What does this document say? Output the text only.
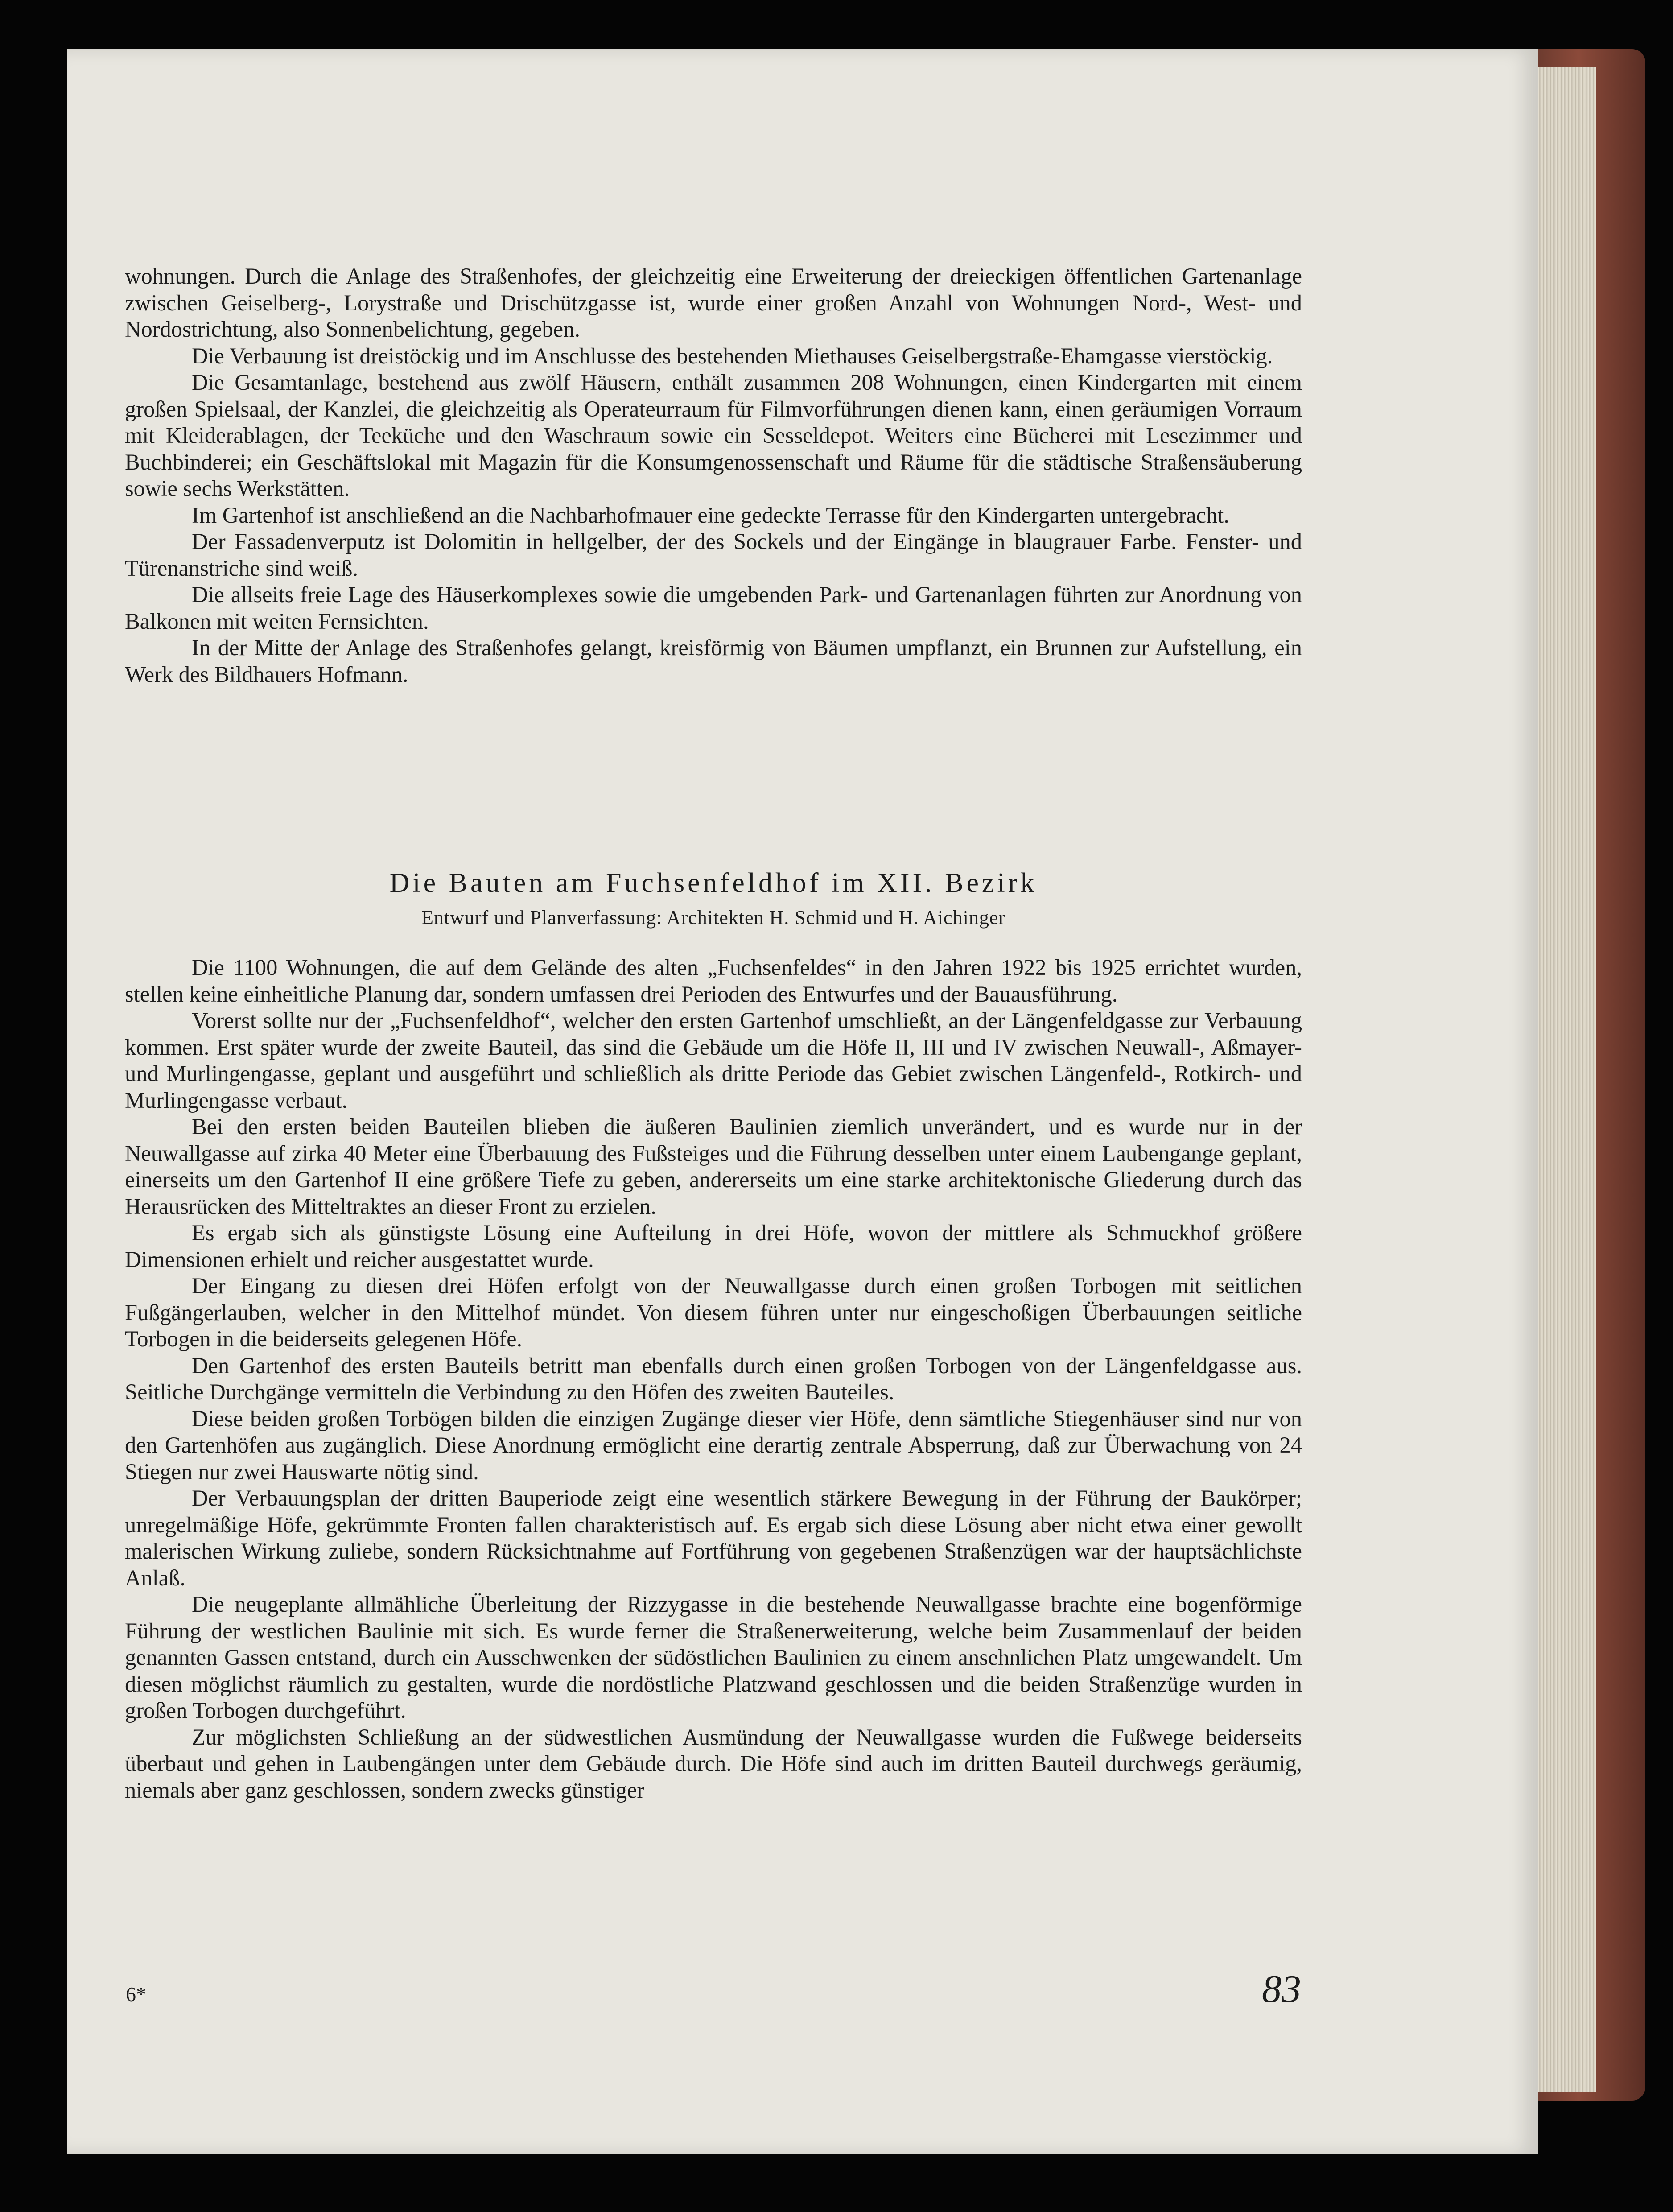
wohnungen. Durch die Anlage des Straßenhofes, der gleichzeitig eine Erweiterung der dreieckigen öffentlichen Gartenanlage zwischen Geiselberg-, Lorystraße und Drischützgasse ist, wurde einer großen Anzahl von Wohnungen Nord-, West- und Nordostrichtung, also Sonnenbelichtung, gegeben.

Die Verbauung ist dreistöckig und im Anschlusse des bestehenden Miethauses Geiselbergstraße-Ehamgasse vierstöckig.

Die Gesamtanlage, bestehend aus zwölf Häusern, enthält zusammen 208 Wohnungen, einen Kindergarten mit einem großen Spielsaal, der Kanzlei, die gleichzeitig als Operateurraum für Filmvorführungen dienen kann, einen geräumigen Vorraum mit Kleiderablagen, der Teeküche und den Waschraum sowie ein Sesseldepot. Weiters eine Bücherei mit Lesezimmer und Buchbinderei; ein Geschäftslokal mit Magazin für die Konsumgenossenschaft und Räume für die städtische Straßensäuberung sowie sechs Werkstätten.

Im Gartenhof ist anschließend an die Nachbarhofmauer eine gedeckte Terrasse für den Kindergarten untergebracht.

Der Fassadenverputz ist Dolomitin in hellgelber, der des Sockels und der Eingänge in blaugrauer Farbe. Fenster- und Türenanstriche sind weiß.

Die allseits freie Lage des Häuserkomplexes sowie die umgebenden Park- und Gartenanlagen führten zur Anordnung von Balkonen mit weiten Fernsichten.

In der Mitte der Anlage des Straßenhofes gelangt, kreisförmig von Bäumen umpflanzt, ein Brunnen zur Aufstellung, ein Werk des Bildhauers Hofmann.

Die Bauten am Fuchsenfeldhof im XII. Bezirk
Entwurf und Planverfassung: Architekten H. Schmid und H. Aichinger

Die 1100 Wohnungen, die auf dem Gelände des alten „Fuchsenfeldes“ in den Jahren 1922 bis 1925 errichtet wurden, stellen keine einheitliche Planung dar, sondern umfassen drei Perioden des Entwurfes und der Bauausführung.

Vorerst sollte nur der „Fuchsenfeldhof“, welcher den ersten Gartenhof umschließt, an der Längenfeldgasse zur Verbauung kommen. Erst später wurde der zweite Bauteil, das sind die Gebäude um die Höfe II, III und IV zwischen Neuwall-, Aßmayer- und Murlingengasse, geplant und ausgeführt und schließlich als dritte Periode das Gebiet zwischen Längenfeld-, Rotkirch- und Murlingengasse verbaut.

Bei den ersten beiden Bauteilen blieben die äußeren Baulinien ziemlich unverändert, und es wurde nur in der Neuwallgasse auf zirka 40 Meter eine Überbauung des Fußsteiges und die Führung desselben unter einem Laubengange geplant, einerseits um den Gartenhof II eine größere Tiefe zu geben, andererseits um eine starke architektonische Gliederung durch das Herausrücken des Mitteltraktes an dieser Front zu erzielen.

Es ergab sich als günstigste Lösung eine Aufteilung in drei Höfe, wovon der mittlere als Schmuckhof größere Dimensionen erhielt und reicher ausgestattet wurde.

Der Eingang zu diesen drei Höfen erfolgt von der Neuwallgasse durch einen großen Torbogen mit seitlichen Fußgängerlauben, welcher in den Mittelhof mündet. Von diesem führen unter nur eingeschoßigen Überbauungen seitliche Torbogen in die beiderseits gelegenen Höfe.

Den Gartenhof des ersten Bauteils betritt man ebenfalls durch einen großen Torbogen von der Längenfeldgasse aus. Seitliche Durchgänge vermitteln die Verbindung zu den Höfen des zweiten Bauteiles.

Diese beiden großen Torbögen bilden die einzigen Zugänge dieser vier Höfe, denn sämtliche Stiegenhäuser sind nur von den Gartenhöfen aus zugänglich. Diese Anordnung ermöglicht eine derartig zentrale Absperrung, daß zur Überwachung von 24 Stiegen nur zwei Hauswarte nötig sind.

Der Verbauungsplan der dritten Bauperiode zeigt eine wesentlich stärkere Bewegung in der Führung der Baukörper; unregelmäßige Höfe, gekrümmte Fronten fallen charakteristisch auf. Es ergab sich diese Lösung aber nicht etwa einer gewollt malerischen Wirkung zuliebe, sondern Rücksichtnahme auf Fortführung von gegebenen Straßenzügen war der hauptsächlichste Anlaß.

Die neugeplante allmähliche Überleitung der Rizzygasse in die bestehende Neuwallgasse brachte eine bogenförmige Führung der westlichen Baulinie mit sich. Es wurde ferner die Straßenerweiterung, welche beim Zusammenlauf der beiden genannten Gassen entstand, durch ein Ausschwenken der südöstlichen Baulinien zu einem ansehnlichen Platz umgewandelt. Um diesen möglichst räumlich zu gestalten, wurde die nordöstliche Platzwand geschlossen und die beiden Straßenzüge wurden in großen Torbogen durchgeführt.

Zur möglichsten Schließung an der südwestlichen Ausmündung der Neuwallgasse wurden die Fußwege beiderseits überbaut und gehen in Laubengängen unter dem Gebäude durch. Die Höfe sind auch im dritten Bauteil durchwegs geräumig, niemals aber ganz geschlossen, sondern zwecks günstiger

6*	83
